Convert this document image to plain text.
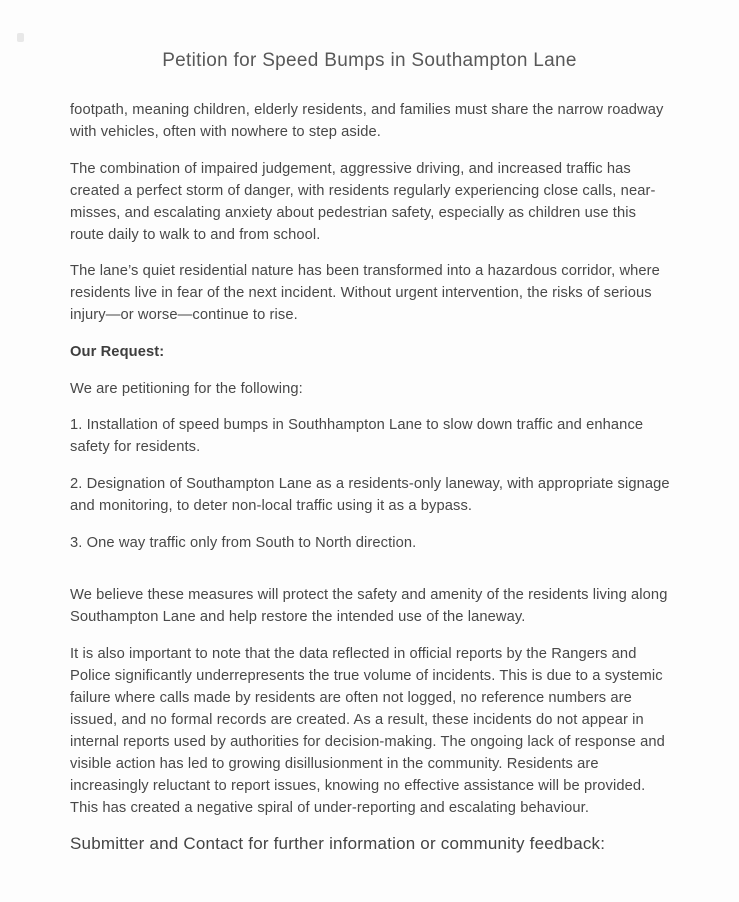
Petition for Speed Bumps in Southampton Lane

footpath, meaning children, elderly residents, and families must share the narrow roadway with vehicles, often with nowhere to step aside.

The combination of impaired judgement, aggressive driving, and increased traffic has created a perfect storm of danger, with residents regularly experiencing close calls, near-misses, and escalating anxiety about pedestrian safety, especially as children use this route daily to walk to and from school.

The lane’s quiet residential nature has been transformed into a hazardous corridor, where residents live in fear of the next incident. Without urgent intervention, the risks of serious injury—or worse—continue to rise.

Our Request:

We are petitioning for the following:

1. Installation of speed bumps in Southhampton Lane to slow down traffic and enhance safety for residents.

2. Designation of Southampton Lane as a residents-only laneway, with appropriate signage and monitoring, to deter non-local traffic using it as a bypass.

3. One way traffic only from South to North direction.

We believe these measures will protect the safety and amenity of the residents living along Southampton Lane and help restore the intended use of the laneway.

It is also important to note that the data reflected in official reports by the Rangers and Police significantly underrepresents the true volume of incidents. This is due to a systemic failure where calls made by residents are often not logged, no reference numbers are issued, and no formal records are created. As a result, these incidents do not appear in internal reports used by authorities for decision-making. The ongoing lack of response and visible action has led to growing disillusionment in the community. Residents are increasingly reluctant to report issues, knowing no effective assistance will be provided. This has created a negative spiral of under-reporting and escalating behaviour.

Submitter and Contact for further information or community feedback:
